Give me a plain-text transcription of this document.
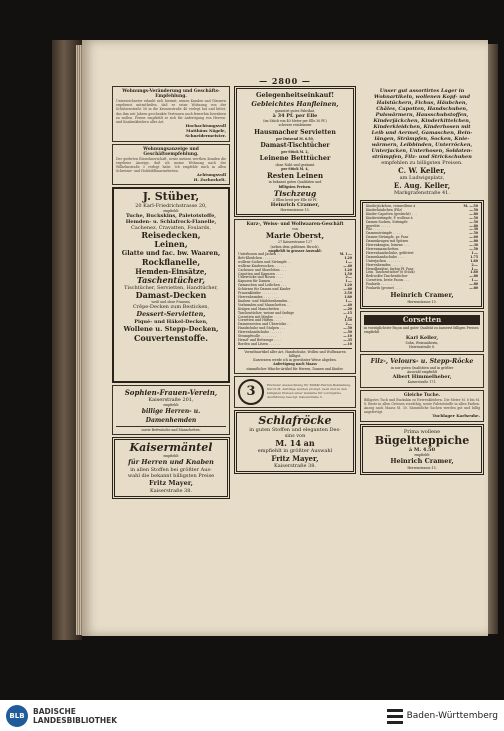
— 2800 —
Wohnungs-Veränderung und Geschäfts-Empfehlung.
Unterzeichneter erlaubt sich hiermit, seinen Kunden und Gönnern ergebenst mitzutheilen, daß er seine Wohnung von der Schützenstraße 56 in die Kronenstraße 46 verlegt hat und bittet, das ihm seit Jahren geschenkte Vertrauen auch fernerhin bewahren zu wollen. Ferner empfiehlt er sich für Anfertigung von Herren- und Knabenkleidern aller Art.
Hochachtungsvoll
Matthäus Nägele,
Schneidermeister.
Wohnungsanzeige und Geschäftsempfehlung.
Der geehrten Einwohnerschaft, sowie meinen werthen Kunden die ergebene Anzeige, daß ich meine Wohnung nach der Wilhelmstraße 3 verlegt habe. Ich empfehle mich in allen Schreiner- und Holzbildhauerarbeiten.
Achtungsvoll
H. Zschockelt.
J. Stüber,
20 Karl-Friedrichstrasse 20,
empfiehlt
Tuche, Buckskins, Paletotstoffe,
Hemden- u. Schlafrock-Flanelle,
Cachenez, Cravatten, Foulards,
Reisedecken,
Leinen,
Glatte und fac. bw. Waaren,
Rockflanelle,
Hemden-Einsätze,
Taschentücher,
Tischtücher, Servietten, Handtücher,
Damast-Decken
weiß und ohne Fransen,
Crêpe-Decken zum Besticken,
Dessert-Servietten,
Piqué- und Häkel-Decken,
Wollene u. Stepp-Decken,
Couvertenstoffe.
Sophien-Frauen-Verein,
Kaiserstraße 201,
empfiehlt
billige Herren- u. Damenhemden
sowie Bettwäsche und Manschetten.
Kaisermäntel
empfiehlt
für Herren und Knaben
in allen Stoffen bei größter Aus-
wahl die bekannt billigsten Preise
Fritz Mayer,
Kaiserstraße 38.
Gelegenheitseinkauf!
Gebleichtes Hanfleinen,
garantirt gutes Fabrikat,
à 34 Pf. per Elle
(im Stück von 40 Meter per Elle 30 Pf.)
schwere reinleinene
Hausmacher Servietten
per Dutzend M. 6.50,
Damast-Tischtücher
per Stück M. 2,
Leinene Betttücher
ohne Naht und gesäumt
per Stück M. 4,
Resten Leinen
in bekannt guten Qualitäten und
billigsten Preisen.
Tischzeug
2 Ellen breit per Elle 60 Pf.
Heinrich Cramer,
Herrenstrasse 15.
Kurz-, Weiss- und Wollwaaren-Geschäft
von
Marie Oberst,
27 Kaiserstrasse 127
(neben dem goldenen Hirsch),
empfiehlt in grosser Auswahl:
Unterhosen und Jacken . . .	M. 1.—
Bett-Kleidchen . . . . . . .	1.20
wollene Socken und Strümpfe . .	1.—
wollene Kindersocken . . . . . .	—.40
Cachenez und Shawlchen . . .	1.20
Capotten und Kapuzen . . . .	1.50
Unterröcke und Hosen . . . .	2.—
Kapuzen für Damen . . . . . .	1.—
Gamaschen und Leibchen . . .	1.20
Schürzen für Damen und Kinder	—.60
Frauenkleider . . . . . . . .	3.50
Herrenhemden . . . . . . . .	1.80
Knaben- und Mädchenhemden . .	1.—
Vorhemden und Manschetten . .	—.40
Krägen und Manschetten . . .	—.20
Taschentücher, weisse und farbige	—.15
Corsetten mit Mieder . . . . .	1.—
Corsetten und Hüften . . . .	1.50
Damenwesten und Überröcke . .	2.—
Handschuhe und Stulpen . . .	—.50
Herrenhandschuhe . . . . . .	—.50
Strumpfwolle . . . . . . . .	—.10
Hemd- und Bettzeuge . . . .	—.35
Borden und Litzen . . . . . .	—.10
Vorrathsartikel aller Art, Handschuhe, Wollen und Wollwaaren billigst.
Kurzwaren werde ich in gewohnter Weise abgeben.
Anfertigung nach Maass
sämmtlicher Wäsche-Artikel für Herren, Damen und Kinder.
3	Höchster Auszeichnung für Militär-Herren-Bekleidung. Durch M. Aufträge werden prompt, reell und zu den billigsten Preisen unter Garantie für vorzügliche Ausführung besorgt. Kaiserstraße 3.
Schlafröcke
in guten Stoffen und eleganten Des-
sins von
M. 14 an
empfiehlt in größter Auswahl
Fritz Mayer,
Kaiserstraße 38.
Unser gut assortirtes Lager in
Wohnartikeln, wollenen Kopf- und
Halstüchern, Fichus, Häubchen,
Châles, Capotten, Handschuhen,
Pulswärmern, Hausschuhstoffen,
Kinderjäckchen, Kinderkittelchen,
Kinderkleidchen, Kinderhosen mit
Leib und Aermel, Gamaschen, Bein-
längen, Strümpfen, Socken, Knie-
wärmern, Leibbinden, Unterröcken,
Unterjacken, Unterhosen, Soldaten-
strümpfen, Filz- und Strickschuhen
empfehlen zu billigsten Preisen.
C. W. Keller,
am Ludwigsplatz,
E. Aug. Keller,
Markgrafenstraße 41.
Kinderjäckchen, reinwollene à	M. —.50
Kinderhäubchen (Filz)	—.50
Kinder-Capotten (gestrickt) . . .	—.80
Kinderstrümpfe, P. wollene à	—.50
Damen-Socken, Strümpfe	—.50
gewebte . . . . .	—.80
Filz . . . . .	—.30
Damenstrümpfe . . . . .	—.50
Damen-Strümpfe, pr. Paar	—.60
Damenkragen mit Spitzen	—.80
Herrenkragen, leinene . . .	—.30
Herrenmanschetten	—.50
Herrenhandschuhe, gefüttert	1.—
Damenhandschuhe . . . .	1.75
Unterjacken . . . . . . .	1.80
Herrenhemden . . . . . .	2.—
Hemdbesätze, farbig Pf. Paar	1.—
Lein. Taschentücher (6 Stück)	1.80
Bedruckte Taschentücher	—.80
Corsetten, beste Facon . . .	1.—
Foulards . . . . . . .	—.80
Foulards (grosse) . . . .	—.80
Heinrich Cramer,
Herrenstrasse 15.
Corsetten
in vorzüglichster Façon und guter Qualität zu äusserst billigen Preisen empfiehlt
Karl Keller,
Sohn, Weissnäherin,
Herrenstraße 8.
Filz-, Velours- u. Stepp-Röcke
in nur guten Qualitäten und in größter
Auswahl empfiehlt
Albert Himmelheber,
Kaiserstraße 171.
Gleiche Tuche.
Billigstes Tuch und Buckskin zu Herrenkleidern. Die Meter M. 6 bis M. 8. Reste in allen Grössen vorräthig, sowie Paletotstoffe in allen Farben. Anzug nach Maass M. 30. Sämmtliche Sachen werden gut und billig angefertigt.
Tuchlager Karlsruhe.
Prima wollene
Bügeltteppiche
à M. 4.50
empfiehlt
Heinrich Cramer,
Herrenstrasse 15.
BLB	BADISCHE
LANDESBIBLIOTHEK	Baden-Württemberg
